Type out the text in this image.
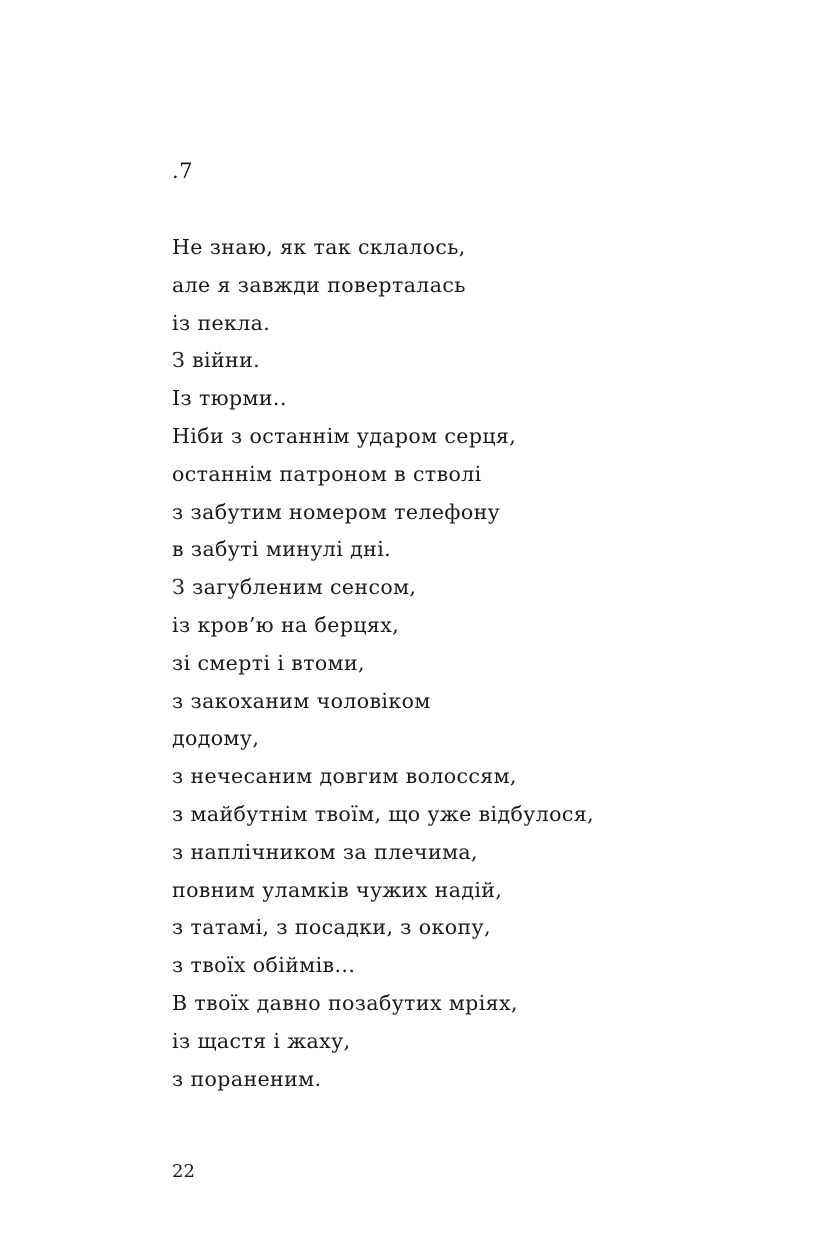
.7
Не знаю, як так склалось,
але я завжди поверталась
із пекла.
З війни.
Із тюрми..
Ніби з останнім ударом серця,
останнім патроном в стволі
з забутим номером телефону
в забуті минулі дні.
З загубленим сенсом,
із кров’ю на берцях,
зі смерті і втоми,
з закоханим чоловіком
додому,
з нечесаним довгим волоссям,
з майбутнім твоїм, що уже відбулося,
з наплічником за плечима,
повним уламків чужих надій,
з татамі, з посадки, з окопу,
з твоїх обіймів...
В твоїх давно позабутих мріях,
із щастя і жаху,
з пораненим.
22
